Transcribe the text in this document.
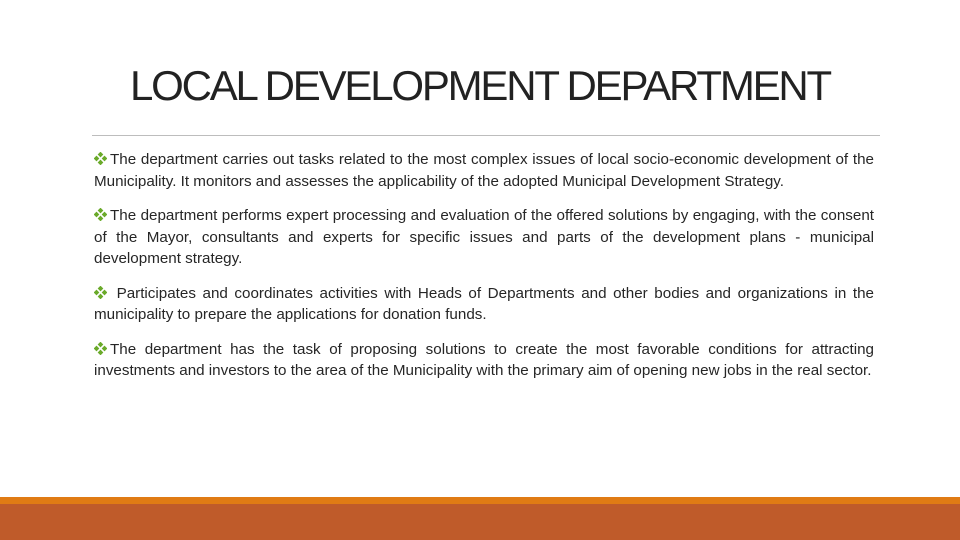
LOCAL DEVELOPMENT DEPARTMENT
The department carries out tasks related to the most complex issues of local socio-economic development of the Municipality. It monitors and assesses the applicability of the adopted Municipal Development Strategy.
The department performs expert processing and evaluation of the offered solutions by engaging, with the consent of the Mayor, consultants and experts for specific issues and parts of the development plans - municipal development strategy.
Participates and coordinates activities with Heads of Departments and other bodies and organizations in the municipality to prepare the applications for donation funds.
The department has the task of proposing solutions to create the most favorable conditions for attracting investments and investors to the area of the Municipality with the primary aim of opening new jobs in the real sector.
